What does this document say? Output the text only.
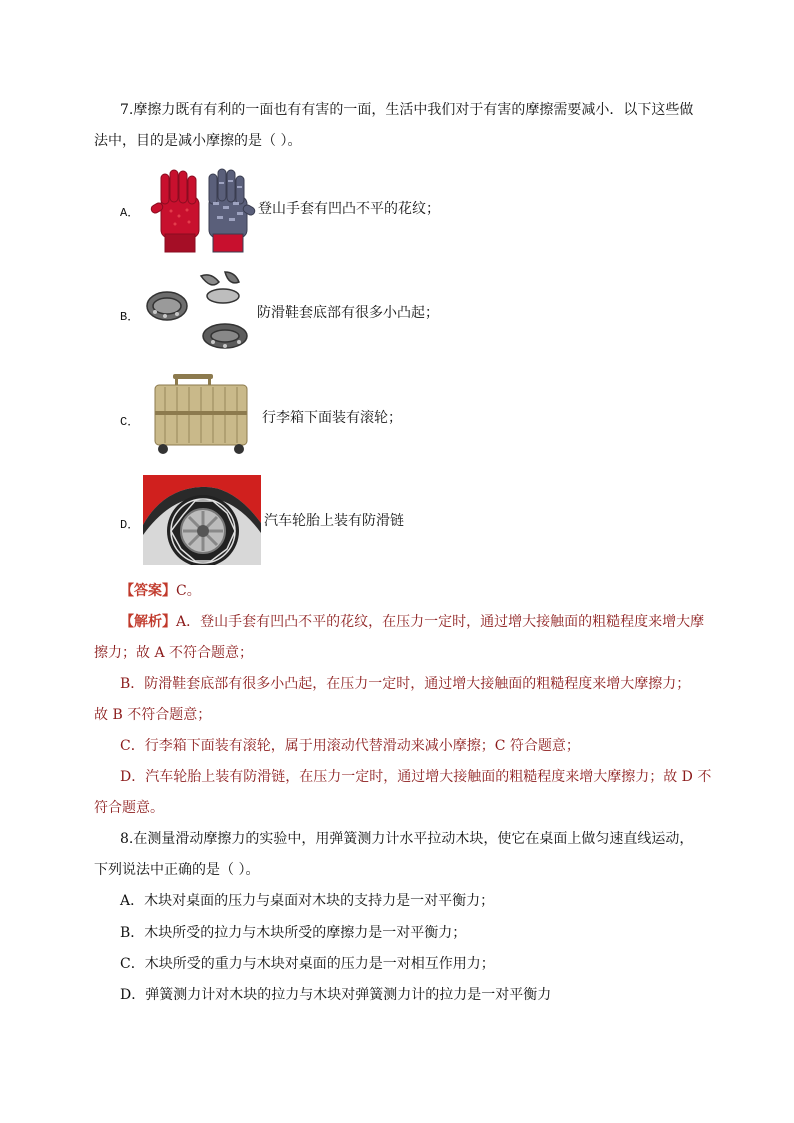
7.摩擦力既有有利的一面也有有害的一面，生活中我们对于有害的摩擦需要减小．以下这些做
法中，目的是减小摩擦的是（ ）。
A．	登山手套有凹凸不平的花纹；
B．	防滑鞋套底部有很多小凸起；
C．	行李箱下面装有滚轮；
D．	汽车轮胎上装有防滑链
【答案】C。
【解析】A．登山手套有凹凸不平的花纹，在压力一定时，通过增大接触面的粗糙程度来增大摩
擦力；故 A 不符合题意；
B．防滑鞋套底部有很多小凸起，在压力一定时，通过增大接触面的粗糙程度来增大摩擦力；
故 B 不符合题意；
C．行李箱下面装有滚轮，属于用滚动代替滑动来减小摩擦；C 符合题意；
D．汽车轮胎上装有防滑链，在压力一定时，通过增大接触面的粗糙程度来增大摩擦力；故 D 不
符合题意。
8.在测量滑动摩擦力的实验中，用弹簧测力计水平拉动木块，使它在桌面上做匀速直线运动，
下列说法中正确的是（ ）。
A．木块对桌面的压力与桌面对木块的支持力是一对平衡力；
B．木块所受的拉力与木块所受的摩擦力是一对平衡力；
C．木块所受的重力与木块对桌面的压力是一对相互作用力；
D．弹簧测力计对木块的拉力与木块对弹簧测力计的拉力是一对平衡力
